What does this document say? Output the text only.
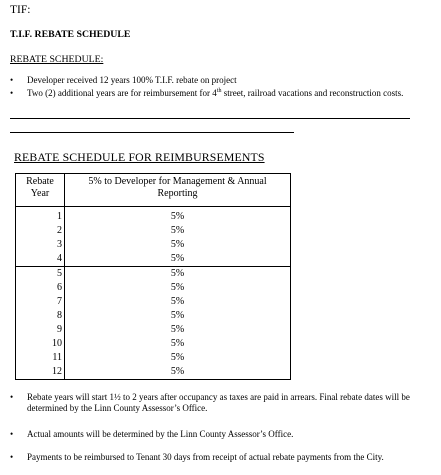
TIF:
T.I.F. REBATE SCHEDULE
REBATE SCHEDULE:
• Developer received 12 years 100% T.I.F. rebate on project
• Two (2) additional years are for reimbursement for 4th street, railroad vacations and reconstruction costs.
REBATE SCHEDULE FOR REIMBURSEMENTS
Rebate Year	5% to Developer for Management & Annual Reporting
1	5%
2	5%
3	5%
4	5%
5	5%
6	5%
7	5%
8	5%
9	5%
10	5%
11	5%
12	5%
• Rebate years will start 1½ to 2 years after occupancy as taxes are paid in arrears. Final rebate dates will be determined by the Linn County Assessor’s Office.
• Actual amounts will be determined by the Linn County Assessor’s Office.
• Payments to be reimbursed to Tenant 30 days from receipt of actual rebate payments from the City.
